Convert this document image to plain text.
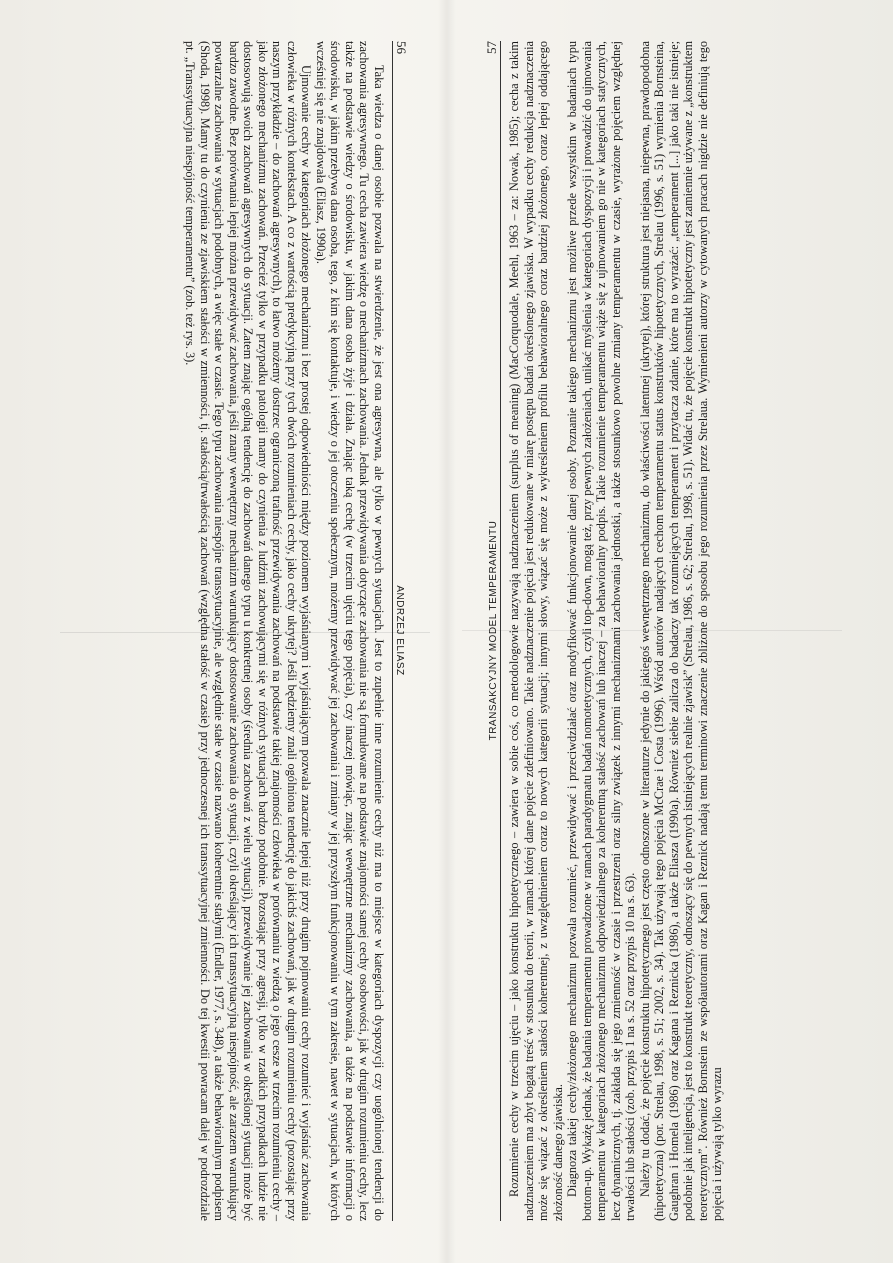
56
ANDRZEJ ELIASZ

Taka wiedza o danej osobie pozwala na stwierdzenie, że jest ona agresywna, ale tylko w pewnych sytuacjach. Jest to zupełnie inne rozumienie cechy niż ma to miejsce w kategoriach dyspozycji czy uogólnionej tendencji do zachowania agresywnego. Tu cecha zawiera wiedzę o mechanizmach zachowania. Jednak przewidywania dotyczące zachowania nie są formułowane na podstawie znajomości samej cechy osobowości, jak w drugim rozumieniu cechy, lecz także na podstawie wiedzy o środowisku, w jakim dana osoba żyje i działa. Znając taką cechę (w trzecim ujęciu tego pojęcia), czy inaczej mówiąc, znając wewnętrzne mechanizmy zachowania, a także na podstawie informacji o środowisku, w jakim przebywa dana osoba, tego, z kim się kontaktuje, i wiedzy o jej otoczeniu społecznym, możemy przewidywać jej zachowania i zmiany w jej przyszłym funkcjonowaniu w tym zakresie, nawet w sytuacjach, w których wcześniej się nie znajdowała (Eliasz, 1990a).

Ujmowanie cechy w kategoriach złożonego mechanizmu i bez prostej odpowiedniości między poziomem wyjaśnianym i wyjaśniającym pozwala znacznie lepiej niż przy drugim pojmowaniu cechy rozumieć i wyjaśniać zachowania człowieka w różnych kontekstach. A co z wartością predykcyjną przy tych dwóch rozumieniach cechy, jako cechy ukrytej? Jeśli będziemy znali ogólniona tendencję do jakichś zachowań, jak w drugim rozumieniu cechy (pozostając przy naszym przykładzie – do zachowań agresywnych), to łatwo możemy dostrzec ograniczoną trafność przewidywania zachowań na podstawie takiej znajomości człowieka w porównaniu z wiedzą o jego cesze w trzecim rozumieniu cechy – jako złożonego mechanizmu zachowań. Przecież tylko w przypadku patologii mamy do czynienia z ludźmi zachowującymi się w różnych sytuacjach bardzo podobnie. Pozostając przy agresji, tylko w rzadkich przypadkach ludzie nie dostosowują swoich zachowań agresywnych do sytuacji. Zatem znając ogólną tendencję do zachowań danego typu u konkretnej osoby (średnia zachowań z wielu sytuacji), przewidywanie jej zachowania w określonej sytuacji może być bardzo zawodne. Bez porównania lepiej można przewidywać zachowania, jeśli znany wewnętrzny mechanizm warunkujący dostosowanie zachowania do sytuacji, czyli określający ich transsytuacyjną niespójność, ale zarazem warunkujący powtarzalne zachowania w sytuacjach podobnych, a więc stałe w czasie. Tego typu zachowania niespójne transsytuacyjnie, ale względnie stałe w czasie nazwano koherentnie stałymi (Endler, 1977, s. 348), a także behawioralnym podpisem (Shoda, 1998). Mamy tu do czynienia ze zjawiskiem stałości w zmienności, tj. stałością/trwałością zachowań (względna stałość w czasie) przy jednoczesnej ich transsytuacyjnej zmienności. Do tej kwestii powracam dalej w podrozdziale pt. „Transsytuacyjna niespójność temperamentu” (zob. też rys. 3).

TRANSAKCYJNY MODEL TEMPERAMENTU
57 Rozumienie cechy w trzecim ujęciu – jako konstruktu hipotetycznego – zawiera w sobie coś, co metodologowie nazywają nadznaczeniem (surplus of meaning) (MacCorquodale, Meehl, 1963 – za: Nowak, 1985); cecha z takim nadznaczeniem ma zbyt bogatą treść w stosunku do teorii, w ramach której dane pojęcie zdefiniowano. Takie nadznaczenie pojęcia jest redukowane w miarę postępu badań określonego zjawiska. W wypadku cechy redukcja nadznaczenia może się wiązać z określeniem stałości koherentnej, z uwzględnieniem coraz to nowych kategorii sytuacji; innymi słowy, wiązać się może z wykreśleniem profilu behawioralnego coraz bardziej złożonego, coraz lepiej oddającego złożoność danego zjawiska. Diagnoza takiej cechy/złożonego mechanizmu pozwala rozumieć, przewidywać i przeciwdziałać oraz modyfikować funkcjonowanie danej osoby. Poznanie takiego mechanizmu jest możliwe przede wszystkim w badaniach typu bottom-up. Wykażę jednak, że badania temperamentu prowadzone w ramach paradygmatu badań nomotetycznych, czyli top-down, mogą też, przy pewnych założeniach, unikać myślenia w kategoriach dyspozycji i prowadzić do ujmowania temperamentu w kategoriach złożonego mechanizmu odpowiedzialnego za koherentną stałość zachowań lub inaczej – za behawioralny podpis. Takie rozumienie temperamentu wiąże się z ujmowaniem go nie w kategoriach statycznych, lecz dynamicznych, tj. zakłada się jego zmienność w czasie i przestrzeni oraz silny związek z innymi mechanizmami zachowania jednostki, a także stosunkowo powolne zmiany temperamentu w czasie, wyrażone pojęciem względnej trwałości lub stałości (zob. przypis 1 na s. 52 oraz przypis 10 na s. 63). Należy tu dodać, że pojęcie konstruktu hipotetycznego jest często odnoszone w literaturze jedynie do jakiegoś wewnętrznego mechanizmu, do właściwości latentnej (ukrytej), której struktura jest niejasna, niepewna, prawdopodobna (hipotetyczna) (por. Strelau, 1998, s. 51; 2002, s. 34). Tak używają tego pojęcia McCrae i Costa (1996). Wśród autorów nadających cechom temperamentu status konstruktów hipotetycznych, Strelau (1996, s. 51) wymienia Bornsteina, Gaughran i Homela (1986) oraz Kagana i Reznicka (1986), a także Eliasza (1990a). Również siebie zalicza do badaczy tak rozumiejących temperament i przytacza zdanie, które ma to wyrażać: „temperament [...] jako taki nie istnieje; podobnie jak inteligencja, jest to konstrukt teoretyczny, odnoszący się do pewnych istniejących realnie zjawisk” (Strelau, 1986, s. 62; Strelau, 1998, s. 51). Widać tu, że pojęcie konstrukt hipotetyczny jest zamiennie używane z „konstruktem teoretycznym”. Również Bornstein ze współautorami oraz Kagan i Reznick nadają temu terminowi znaczenie zbliżone do sposobu jego rozumienia przez Strelaua. Wymienieni autorzy w cytowanych pracach nigdzie nie definiują tego pojęcia i używają tylko wyrazu
